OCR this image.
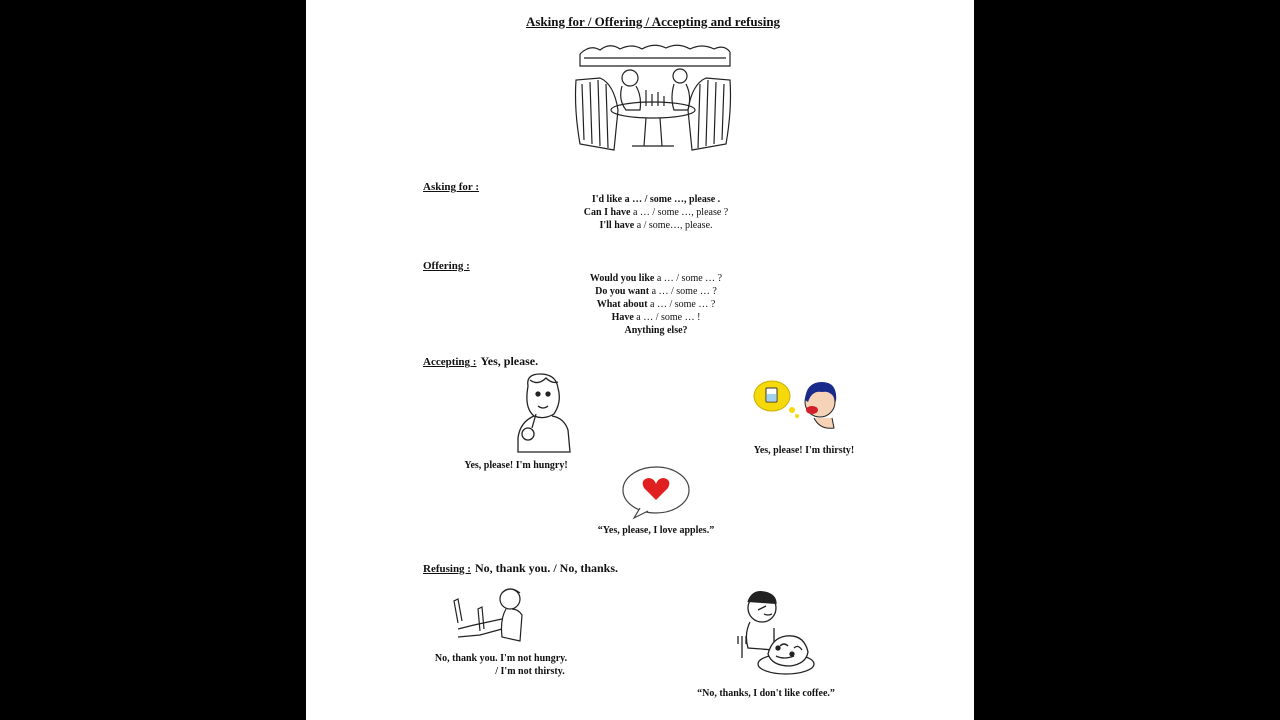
Asking for / Offering / Accepting and refusing
Asking for :
I'd like a … / some …, please .
Can I have a … / some …, please ?
I'll have a / some…, please.
Offering :
Would you like a … / some … ?
Do you want a … / some … ?
What about a … / some … ?
Have a … / some … !
Anything else?
Accepting : Yes, please.
Yes, please! I'm hungry!
Yes, please! I'm thirsty!
“Yes, please, I love apples.”
Refusing : No, thank you. / No, thanks.
No, thank you. I'm not hungry.
/ I'm not thirsty.
“No, thanks, I don't like coffee.”
